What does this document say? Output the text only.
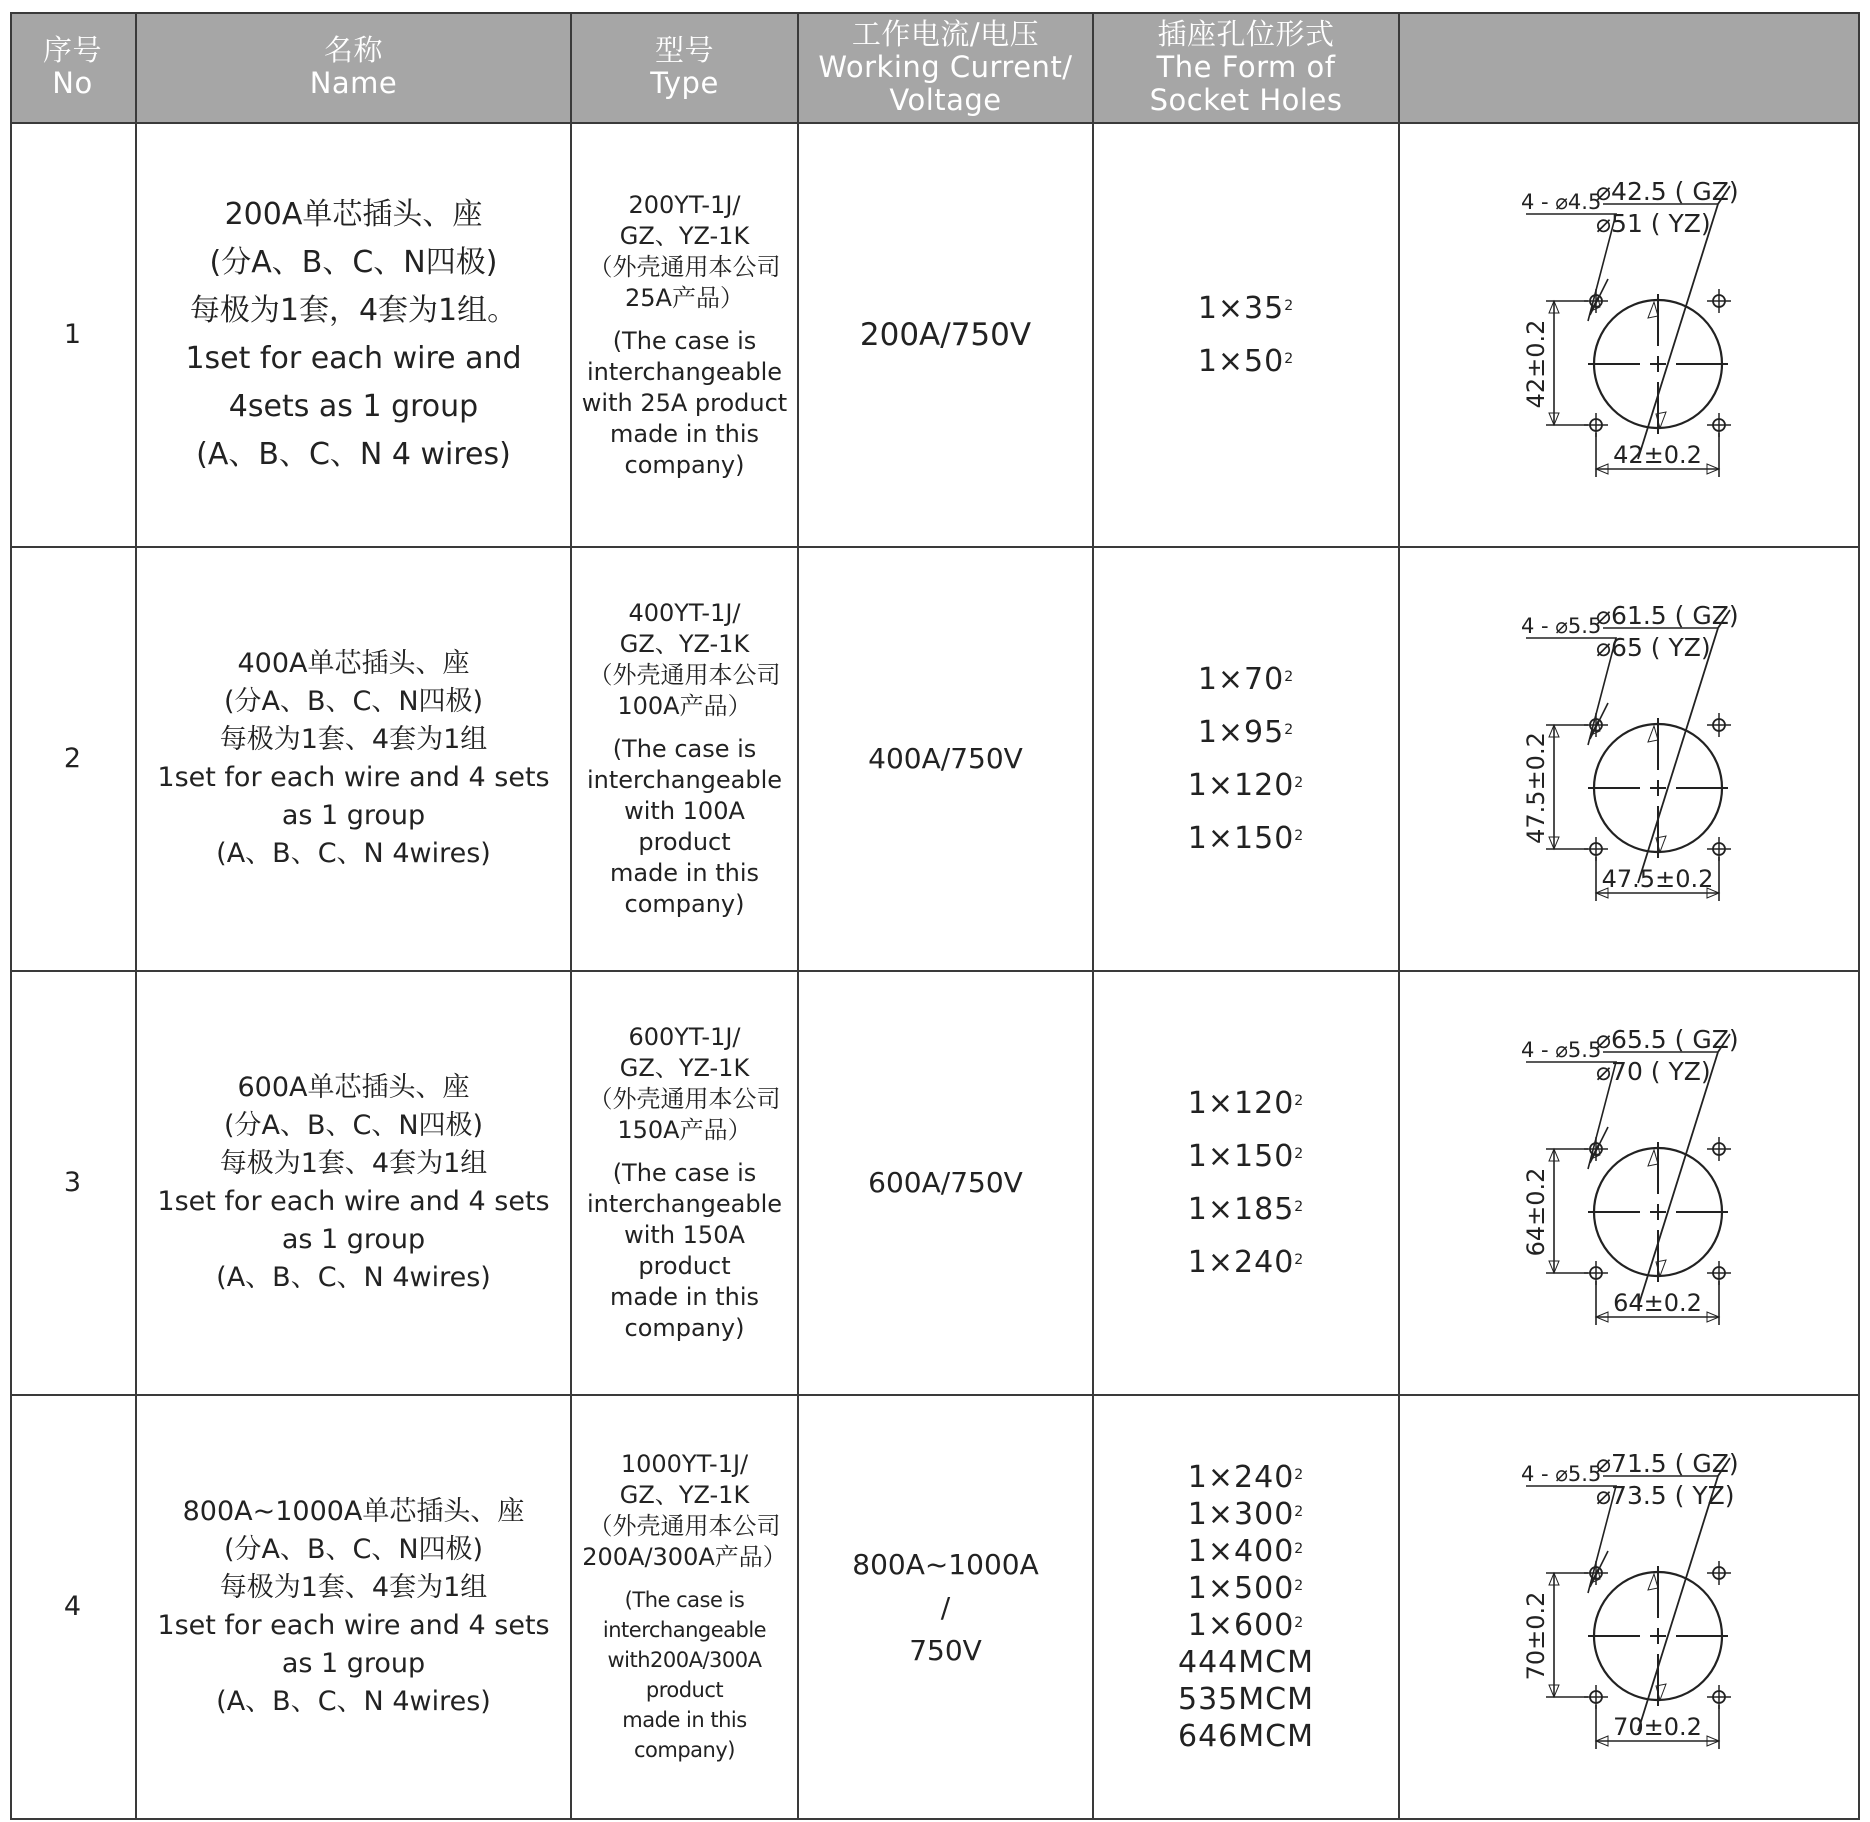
序号
No
名称
Name
型号
Type
工作电流/电压
Working Current/
Voltage
插座孔位形式
The Form of
Socket Holes
1
200A单芯插头、座
(分A、B、C、N四极)
每极为1套，4套为1组。
1set for each wire and
4sets as 1 group
(A、B、C、N 4 wires)
200YT-1J/
GZ、YZ-1K
（外壳通用本公司
25A产品）
(The case is
interchangeable
with 25A product
made in this
company)
200A/750V
$1\times 35^2$
$1\times 50^2$
⌀42.5 ( GZ)
⌀51 ( YZ)
4 - ⌀4.5
42±0.2
42±0.2
2
400A单芯插头、座
(分A、B、C、N四极)
每极为1套、4套为1组
1set for each wire and 4 sets
as 1 group
(A、B、C、N 4wires)
400YT-1J/
GZ、YZ-1K
（外壳通用本公司
100A产品）
(The case is
interchangeable
with 100A product
made in this
company)
400A/750V
$1\times 70^2$
$1\times 95^2$
$1\times 120^2$
$1\times 150^2$
⌀61.5 ( GZ)
⌀65 ( YZ)
4 - ⌀5.5
47.5±0.2
47.5±0.2
3
600A单芯插头、座
(分A、B、C、N四极)
每极为1套、4套为1组
1set for each wire and 4 sets
as 1 group
(A、B、C、N 4wires)
600YT-1J/
GZ、YZ-1K
（外壳通用本公司
150A产品）
(The case is
interchangeable
with 150A product
made in this
company)
600A/750V
$1\times 120^2$
$1\times 150^2$
$1\times 185^2$
$1\times 240^2$
⌀65.5 ( GZ)
⌀70 ( YZ)
4 - ⌀5.5
64±0.2
64±0.2
4
800A~1000A单芯插头、座
(分A、B、C、N四极)
每极为1套、4套为1组
1set for each wire and 4 sets
as 1 group
(A、B、C、N 4wires)
1000YT-1J/
GZ、YZ-1K
（外壳通用本公司
200A/300A产品）
(The case is
interchangeable
with200A/300A product
made in this
company)
800A~1000A
/
750V
$1\times 240^2$
$1\times 300^2$
$1\times 400^2$
$1\times 500^2$
$1\times 600^2$
444MCM
535MCM
646MCM
⌀71.5 ( GZ)
⌀73.5 ( YZ)
4 - ⌀5.5
70±0.2
70±0.2
